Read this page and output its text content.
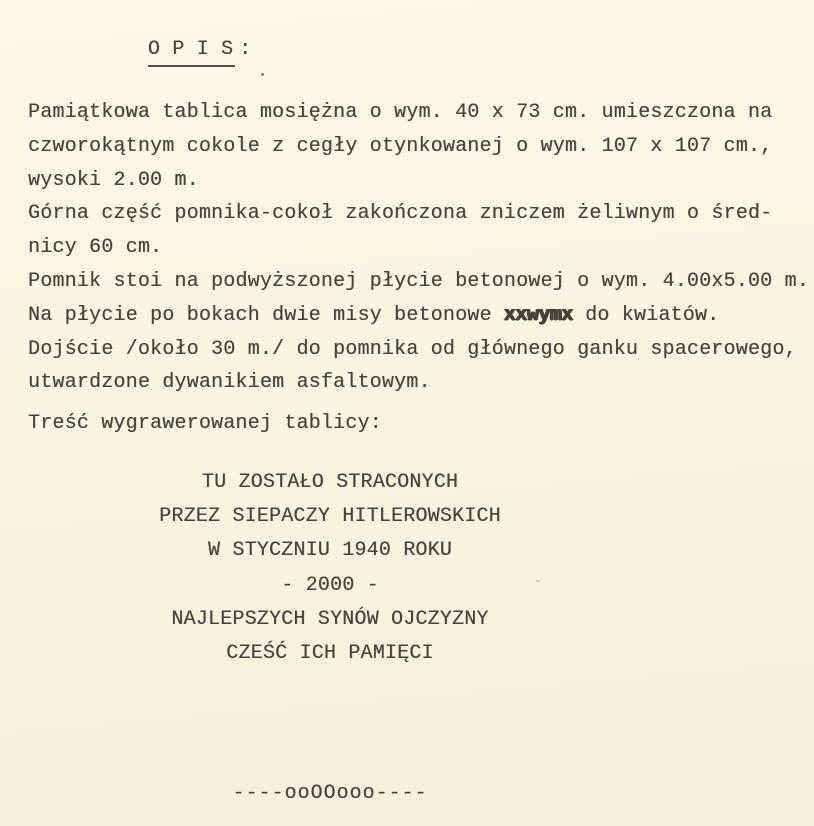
O P I S :

Pamiątkowa tablica mosiężna o wym. 40 x 73 cm. umieszczona na
czworokątnym cokole z cegły otynkowanej o wym. 107 x 107 cm.,
wysoki 2.00 m.
Górna część pomnika-cokoł zakończona zniczem żeliwnym o śred-
nicy 60 cm.
Pomnik stoi na podwyższonej płycie betonowej o wym. 4.00x5.00 m.
Na płycie po bokach dwie misy betonowe xxwymx do kwiatów.
Dojście /około 30 m./ do pomnika od głównego ganku spacerowego,
utwardzone dywanikiem asfaltowym.
Treść wygrawerowanej tablicy:
TU ZOSTAŁO STRACONYCH
PRZEZ SIEPACZY HITLEROWSKICH
W STYCZNIU 1940 ROKU
- 2000 -
NAJLEPSZYCH SYNÓW OJCZYZNY
CZEŚĆ ICH PAMIĘCI
----ooOOooo----
